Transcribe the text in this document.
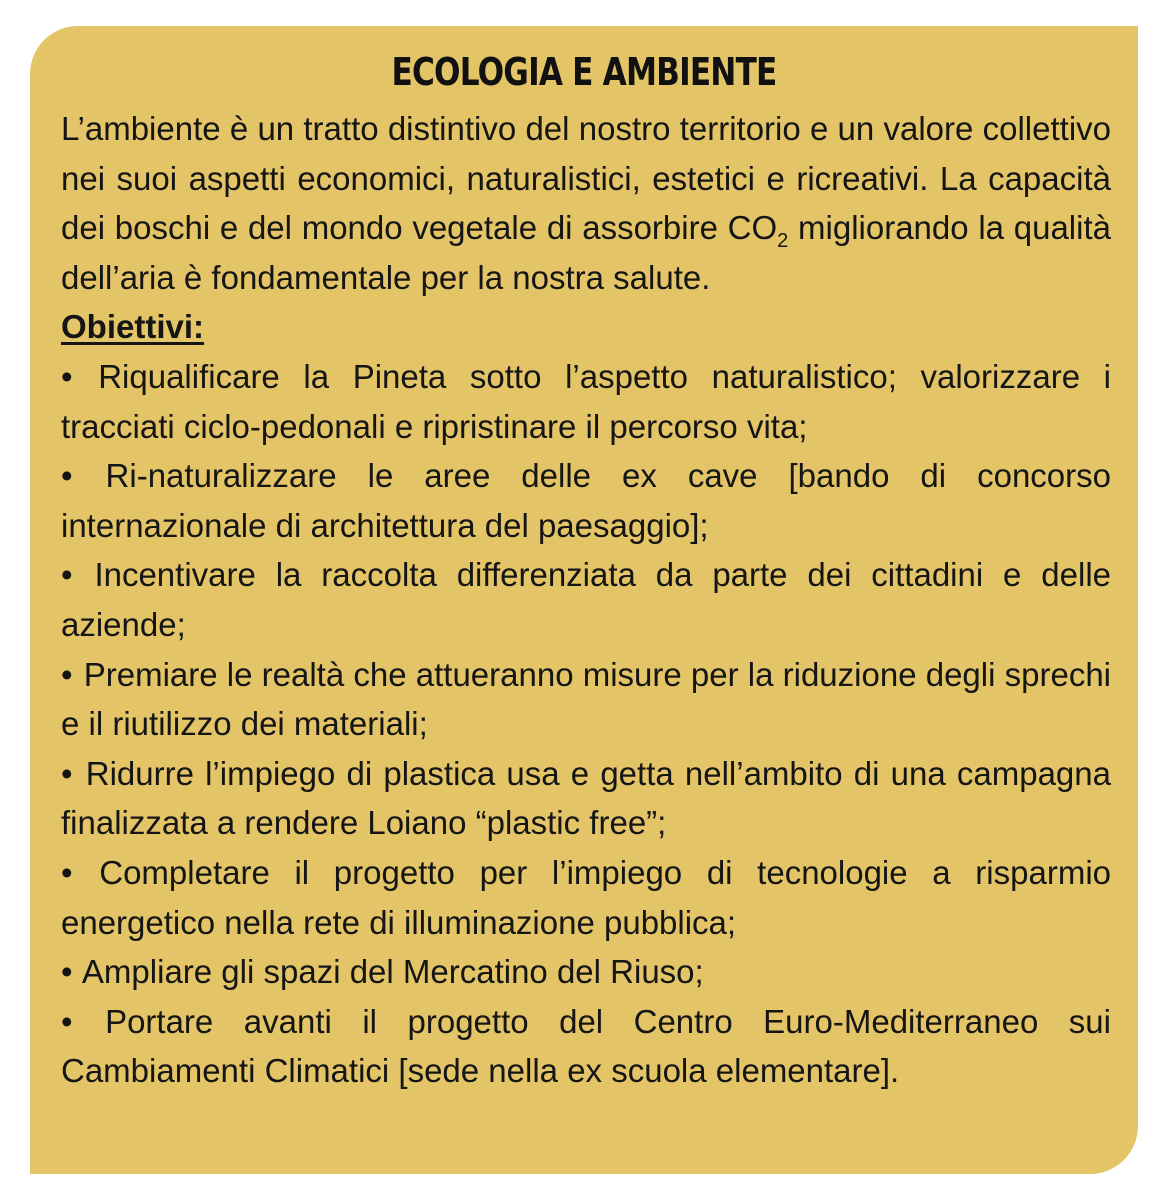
ECOLOGIA E AMBIENTE

L’ambiente è un tratto distintivo del nostro territorio e un valore collettivo nei suoi aspetti economici, naturalistici, estetici e ricreativi. La capacità dei boschi e del mondo vegetale di assorbire $CO_2$ migliorando la qualità dell’aria è fondamentale per la nostra salute.

Obiettivi:

• Riqualificare la Pineta sotto l’aspetto naturalistico; valorizzare i tracciati ciclo-pedonali e ripristinare il percorso vita;

• Ri-naturalizzare le aree delle ex cave [bando di concorso internazionale di architettura del paesaggio];

• Incentivare la raccolta differenziata da parte dei cittadini e delle aziende;

• Premiare le realtà che attueranno misure per la riduzione degli sprechi e il riutilizzo dei materiali;

• Ridurre l’impiego di plastica usa e getta nell’ambito di una campagna finalizzata a rendere Loiano “plastic free”;

• Completare il progetto per l’impiego di tecnologie a risparmio energetico nella rete di illuminazione pubblica;

• Ampliare gli spazi del Mercatino del Riuso;

• Portare avanti il progetto del Centro Euro-Mediterraneo sui Cambiamenti Climatici [sede nella ex scuola elementare].
